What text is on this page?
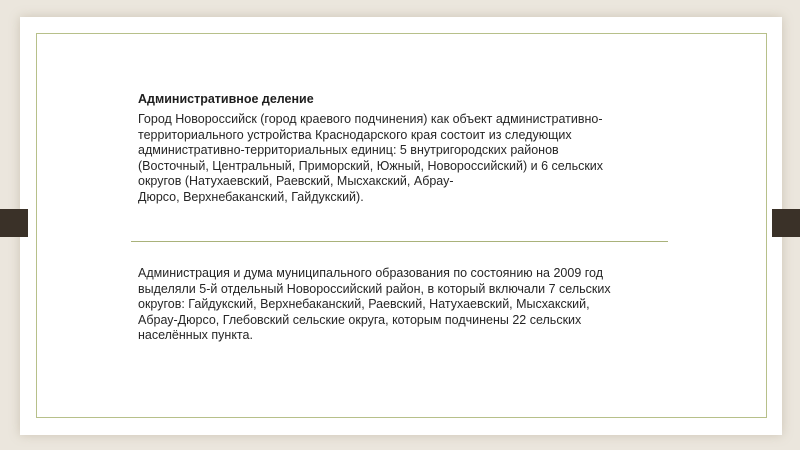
Административное деление

Город Новороссийск (город краевого подчинения) как объект административно-
территориального устройства Краснодарского края состоит из следующих
административно-территориальных единиц: 5 внутригородских районов
(Восточный, Центральный, Приморский, Южный, Новороссийский) и 6 сельских
округов (Натухаевский, Раевский, Мысхакский, Абрау-
Дюрсо, Верхнебаканский, Гайдукский).

Администрация и дума муниципального образования по состоянию на 2009 год
выделяли 5-й отдельный Новороссийский район, в который включали 7 сельских
округов: Гайдукский, Верхнебаканский, Раевский, Натухаевский, Мысхакский,
Абрау-Дюрсо, Глебовский сельские округа, которым подчинены 22 сельских
населённых пункта.
